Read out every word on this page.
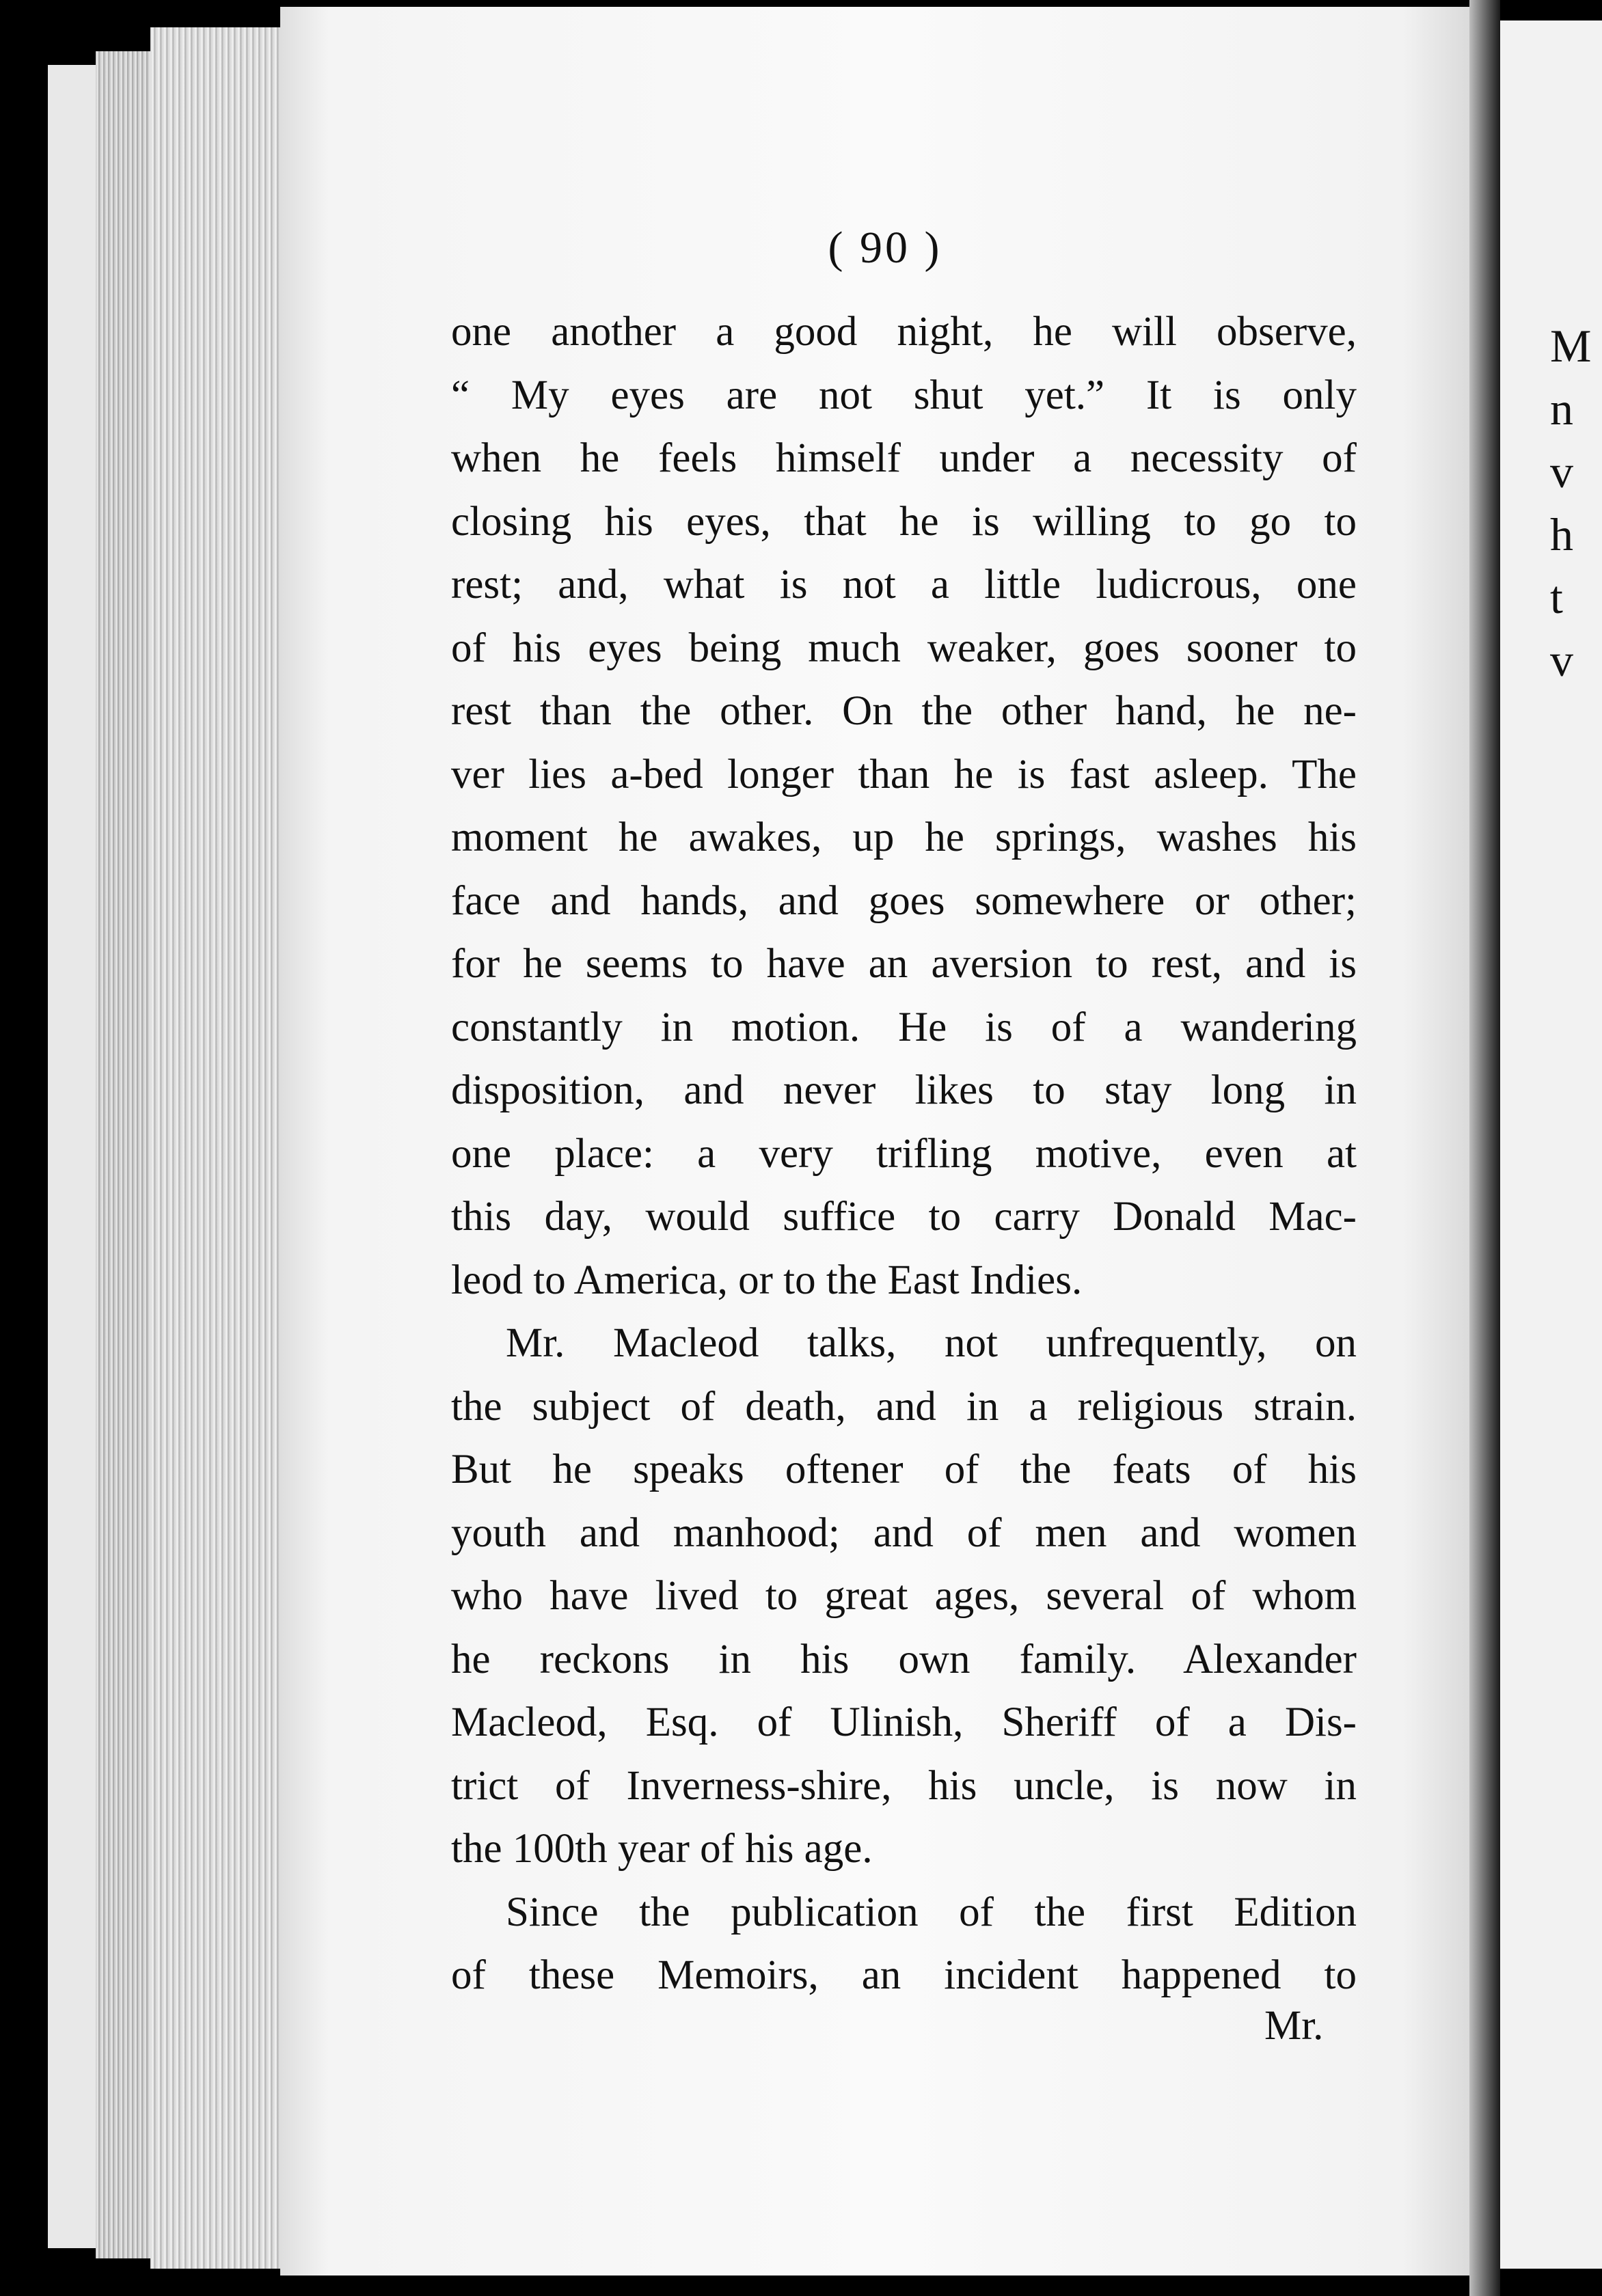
M
n
v
h
t
v
( 90 )
one another a good night, he will observe,
“ My eyes are not shut yet.” It is only
when he feels himself under a necessity of
closing his eyes, that he is willing to go to
rest; and, what is not a little ludicrous, one
of his eyes being much weaker, goes sooner to
rest than the other. On the other hand, he ne-
ver lies a-bed longer than he is fast asleep. The
moment he awakes, up he springs, washes his
face and hands, and goes somewhere or other;
for he seems to have an aversion to rest, and is
constantly in motion. He is of a wandering
disposition, and never likes to stay long in
one place: a very trifling motive, even at
this day, would suffice to carry Donald Mac-
leod to America, or to the East Indies.
Mr. Macleod talks, not unfrequently, on
the subject of death, and in a religious strain.
But he speaks oftener of the feats of his
youth and manhood; and of men and women
who have lived to great ages, several of whom
he reckons in his own family. Alexander
Macleod, Esq. of Ulinish, Sheriff of a Dis-
trict of Inverness-shire, his uncle, is now in
the 100th year of his age.
Since the publication of the first Edition
of these Memoirs, an incident happened to
Mr.
